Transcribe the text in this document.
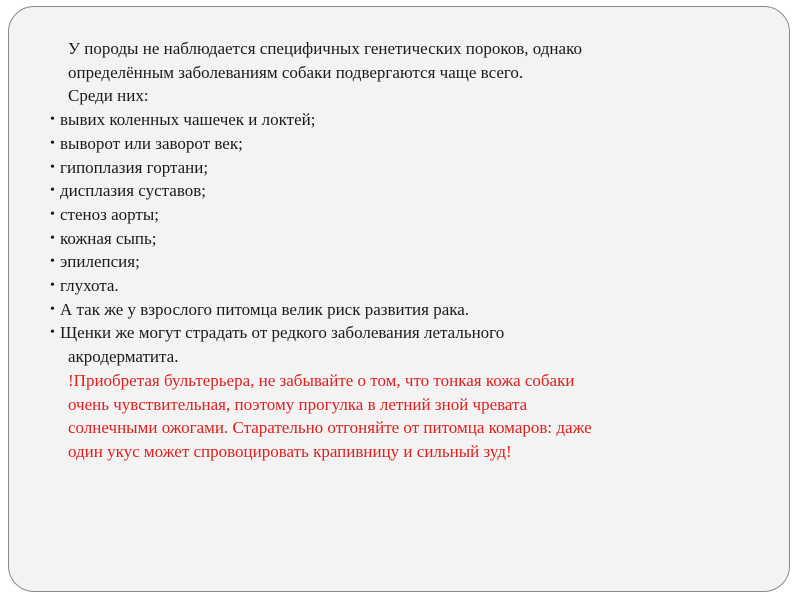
У породы не наблюдается специфичных генетических пороков, однако

определённым заболеваниям собаки подвергаются чаще всего.

Среди них:

• вывих коленных чашечек и локтей;
• выворот или заворот век;
• гипоплазия гортани;
• дисплазия суставов;
• стеноз аорты;
• кожная сыпь;
• эпилепсия;
• глухота.
• А так же у взрослого питомца велик риск развития рака.
• Щенки же могут страдать от редкого заболевания летального

акродерматита.

!Приобретая бультерьера, не забывайте о том, что тонкая кожа собаки

очень чувствительная, поэтому прогулка в летний зной чревата

солнечными ожогами. Старательно отгоняйте от питомца комаров: даже

один укус может спровоцировать крапивницу и сильный зуд!
